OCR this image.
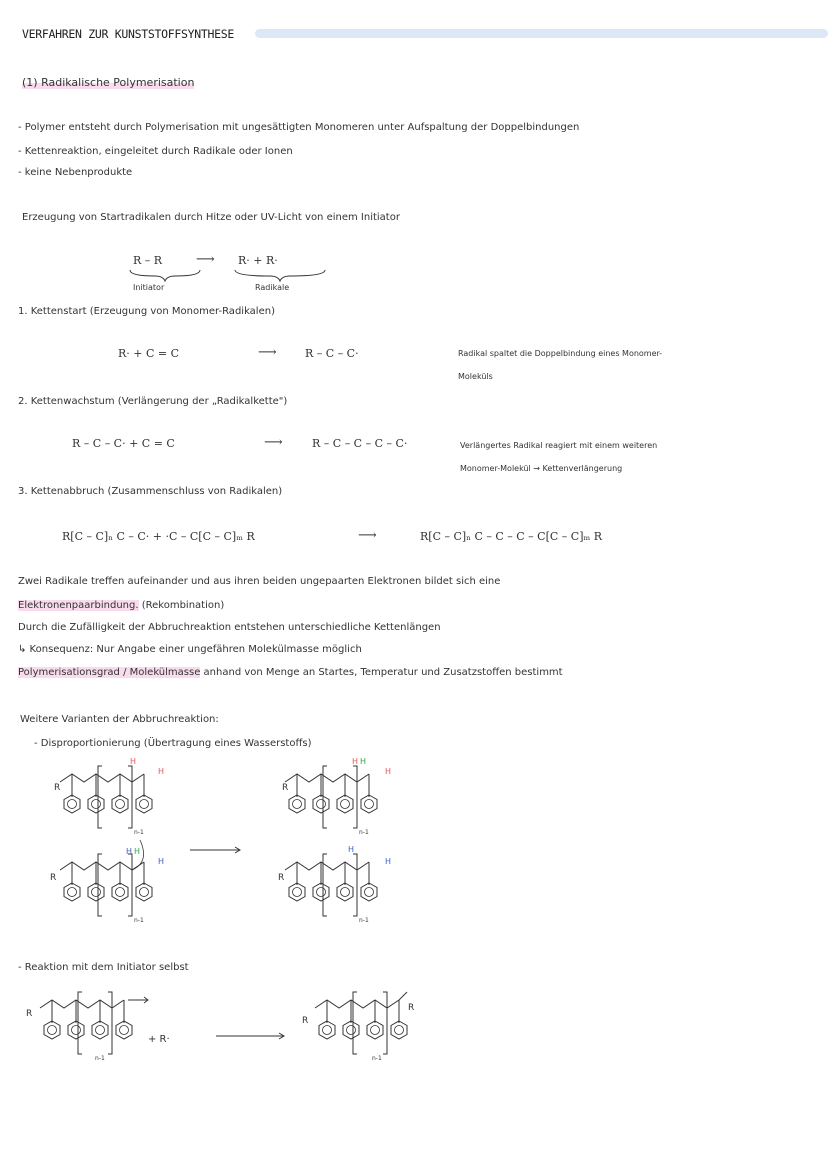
VERFAHREN ZUR KUNSTSTOFFSYNTHESE
(1) Radikalische Polymerisation
- Polymer entsteht durch Polymerisation mit ungesättigten Monomeren unter Aufspaltung der Doppelbindungen
- Kettenreaktion, eingeleitet durch Radikale oder Ionen
- keine Nebenprodukte
Erzeugung von Startradikalen durch Hitze oder UV-Licht von einem Initiator
R – R	⟶ R· + R·
Initiator	Radikale
1. Kettenstart (Erzeugung von Monomer-Radikalen)
R· + C = C	⟶	R – C – C·	Radikal spaltet die Doppelbindung eines Monomer-
Moleküls
2. Kettenwachstum (Verlängerung der „Radikalkette")
R – C – C· + C = C	⟶	R – C – C – C – C·	Verlängertes Radikal reagiert mit einem weiteren
Monomer-Molekül → Kettenverlängerung
3. Kettenabbruch (Zusammenschluss von Radikalen)
R[C – C]ₙ C – C· + ·C – C[C – C]ₘ R	⟶	R[C – C]ₙ C – C – C – C[C – C]ₘ R
Zwei Radikale treffen aufeinander und aus ihren beiden ungepaarten Elektronen bildet sich eine
Elektronenpaarbindung. (Rekombination)
Durch die Zufälligkeit der Abbruchreaktion entstehen unterschiedliche Kettenlängen
↳ Konsequenz: Nur Angabe einer ungefähren Molekülmasse möglich
Polymerisationsgrad / Molekülmasse anhand von Menge an Startes, Temperatur und Zusatzstoffen bestimmt
Weitere Varianten der Abbruchreaktion:
- Disproportionierung (Übertragung eines Wasserstoffs)
R
n-1
H
H
R
n-1
H H
H
R
n-1
H H
H
R
n-1
H
H
- Reaktion mit dem Initiator selbst
R
n-1
+ R·
R
R
n-1
